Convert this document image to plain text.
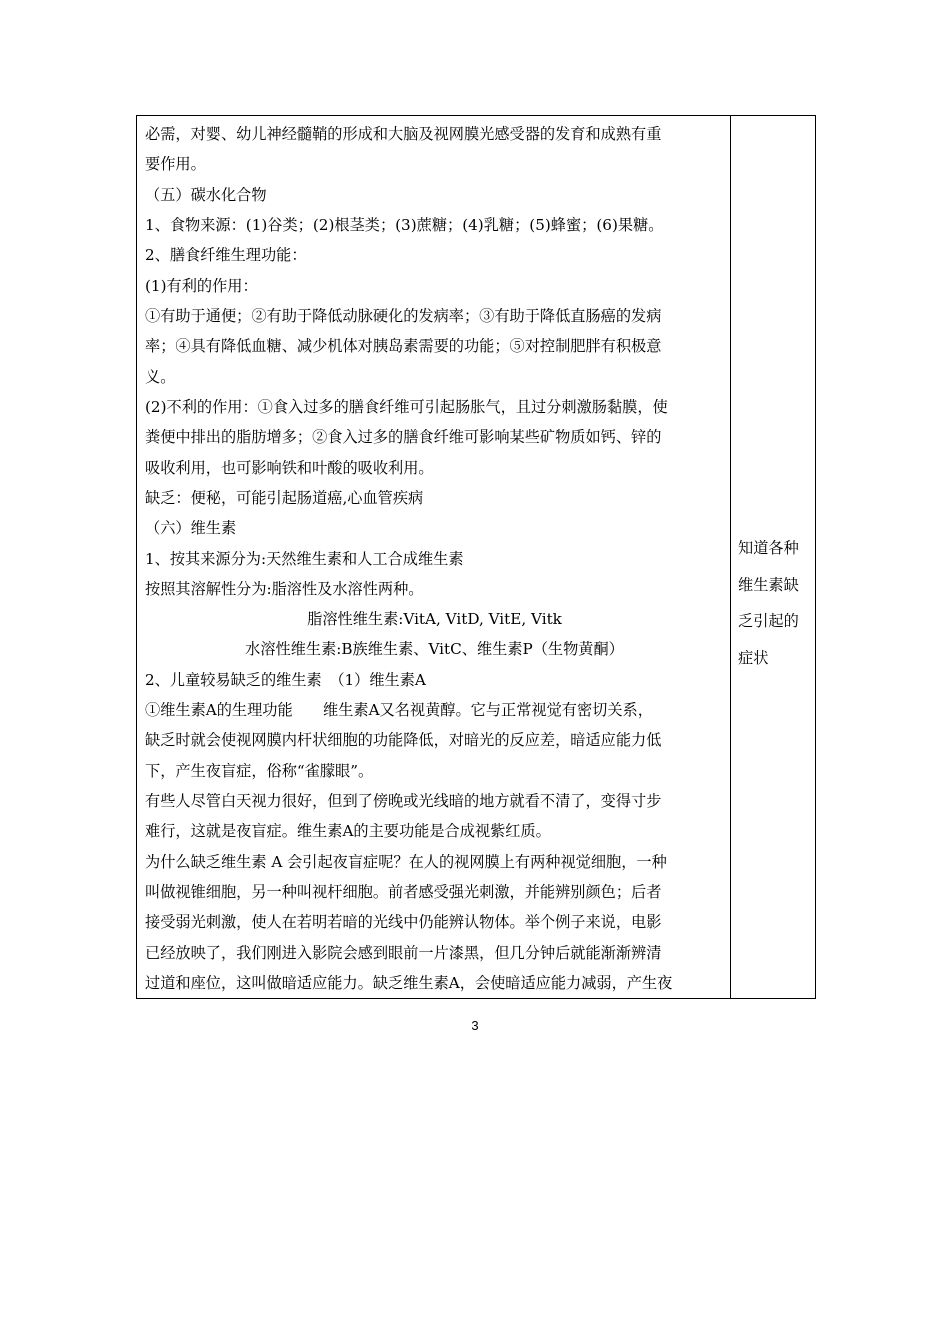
必需，对婴、幼儿神经髓鞘的形成和大脑及视网膜光感受器的发育和成熟有重
要作用。
（五）碳水化合物
1、食物来源：(1)谷类；(2)根茎类；(3)蔗糖；(4)乳糖；(5)蜂蜜；(6)果糖。
2、膳食纤维生理功能：
(1)有利的作用：
①有助于通便；②有助于降低动脉硬化的发病率；③有助于降低直肠癌的发病
率；④具有降低血糖、减少机体对胰岛素需要的功能；⑤对控制肥胖有积极意
义。
(2)不利的作用：①食入过多的膳食纤维可引起肠胀气，且过分刺激肠黏膜，使
粪便中排出的脂肪增多；②食入过多的膳食纤维可影响某些矿物质如钙、锌的
吸收利用，也可影响铁和叶酸的吸收利用。
缺乏：便秘，可能引起肠道癌,心血管疾病
（六）维生素
1、按其来源分为:天然维生素和人工合成维生素
按照其溶解性分为:脂溶性及水溶性两种。
脂溶性维生素:VitA, VitD, VitE, Vitk
水溶性维生素:B族维生素、VitC、维生素P（生物黄酮）
2、儿童较易缺乏的维生素　（1）维生素A
①维生素A的生理功能　　维生素A又名视黄醇。它与正常视觉有密切关系，
缺乏时就会使视网膜内杆状细胞的功能降低，对暗光的反应差，暗适应能力低
下，产生夜盲症，俗称“雀朦眼”。
有些人尽管白天视力很好，但到了傍晚或光线暗的地方就看不清了，变得寸步
难行，这就是夜盲症。维生素A的主要功能是合成视紫红质。
为什么缺乏维生素 A 会引起夜盲症呢？在人的视网膜上有两种视觉细胞，一种
叫做视锥细胞，另一种叫视杆细胞。前者感受强光刺激，并能辨别颜色；后者
接受弱光刺激，使人在若明若暗的光线中仍能辨认物体。举个例子来说，电影
已经放映了，我们刚进入影院会感到眼前一片漆黑，但几分钟后就能渐渐辨清
过道和座位，这叫做暗适应能力。缺乏维生素A，会使暗适应能力减弱，产生夜
知道各种
维生素缺
乏引起的
症状
3
